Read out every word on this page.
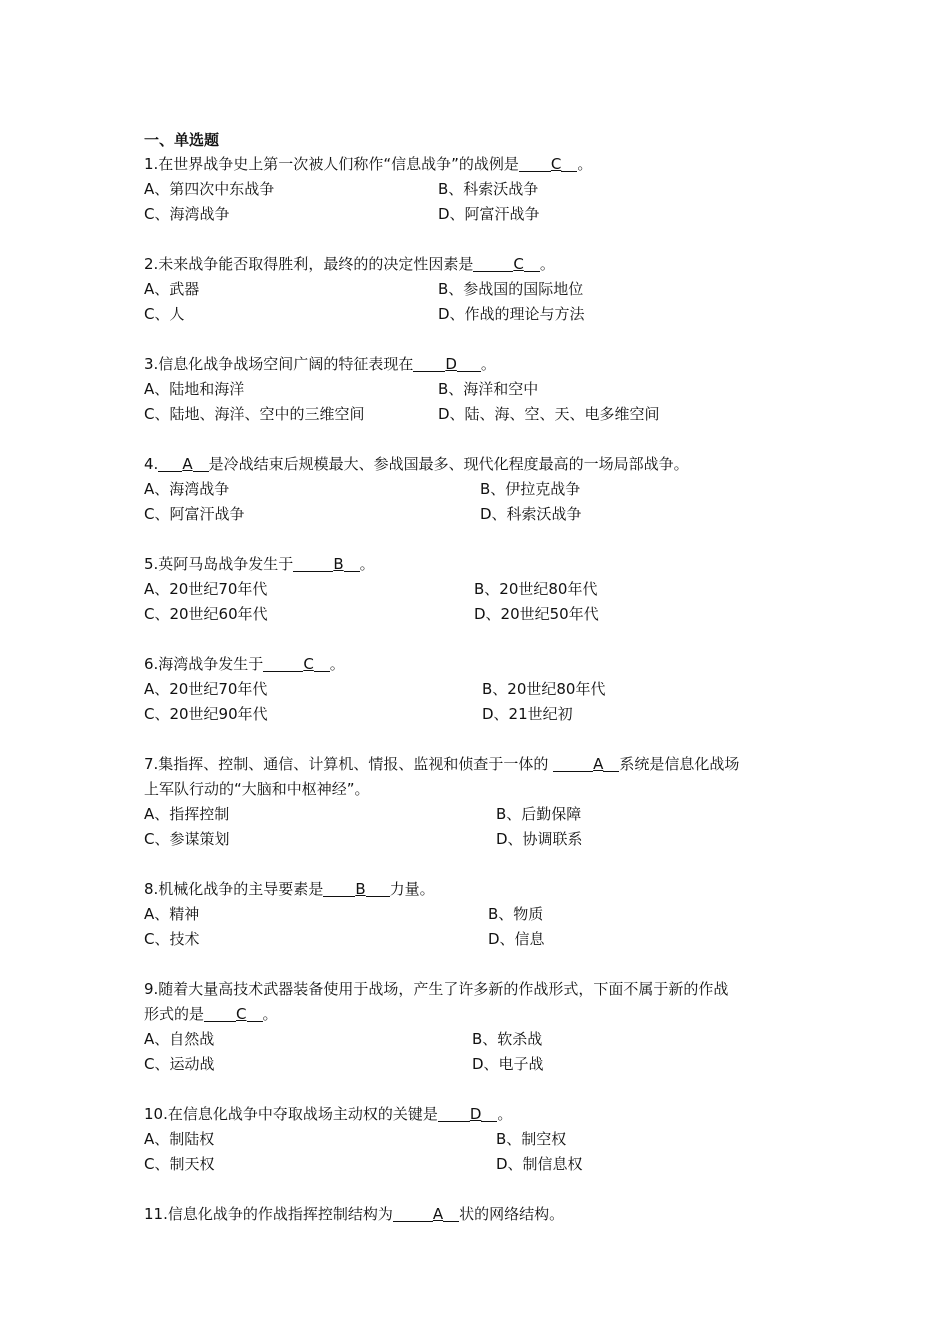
一、单选题
1.在世界战争史上第一次被人们称作“信息战争”的战例是 C 。
A、第四次中东战争	B、科索沃战争
C、海湾战争	D、阿富汗战争
2.未来战争能否取得胜利，最终的的决定性因素是	C 。
A、武器	B、参战国的国际地位
C、人	D、作战的理论与方法
3.信息化战争战场空间广阔的特征表现在 D 。
A、陆地和海洋	B、海洋和空中
C、陆地、海洋、空中的三维空间	D、陆、海、空、天、电多维空间
4. A 是冷战结束后规模最大、参战国最多、现代化程度最高的一场局部战争。
A、海湾战争	B、伊拉克战争
C、阿富汗战争	D、科索沃战争
5.英阿马岛战争发生于	B 。
A、20世纪70年代	B、20世纪80年代
C、20世纪60年代	D、20世纪50年代
6.海湾战争发生于	C 。
A、20世纪70年代	B、20世纪80年代
C、20世纪90年代	D、21世纪初
7.集指挥、控制、通信、计算机、情报、监视和侦查于一体的	A 系统是信息化战场
上军队行动的“大脑和中枢神经”。
A、指挥控制	B、后勤保障
C、参谋策划	D、协调联系
8.机械化战争的主导要素是 B 力量。
A、精神	B、物质
C、技术	D、信息
9.随着大量高技术武器装备使用于战场，产生了许多新的作战形式，下面不属于新的作战
形式的是 C 。
A、自然战	B、软杀战
C、运动战	D、电子战
10.在信息化战争中夺取战场主动权的关键是 D 。
A、制陆权	B、制空权
C、制天权	D、制信息权
11.信息化战争的作战指挥控制结构为	A 状的网络结构。
